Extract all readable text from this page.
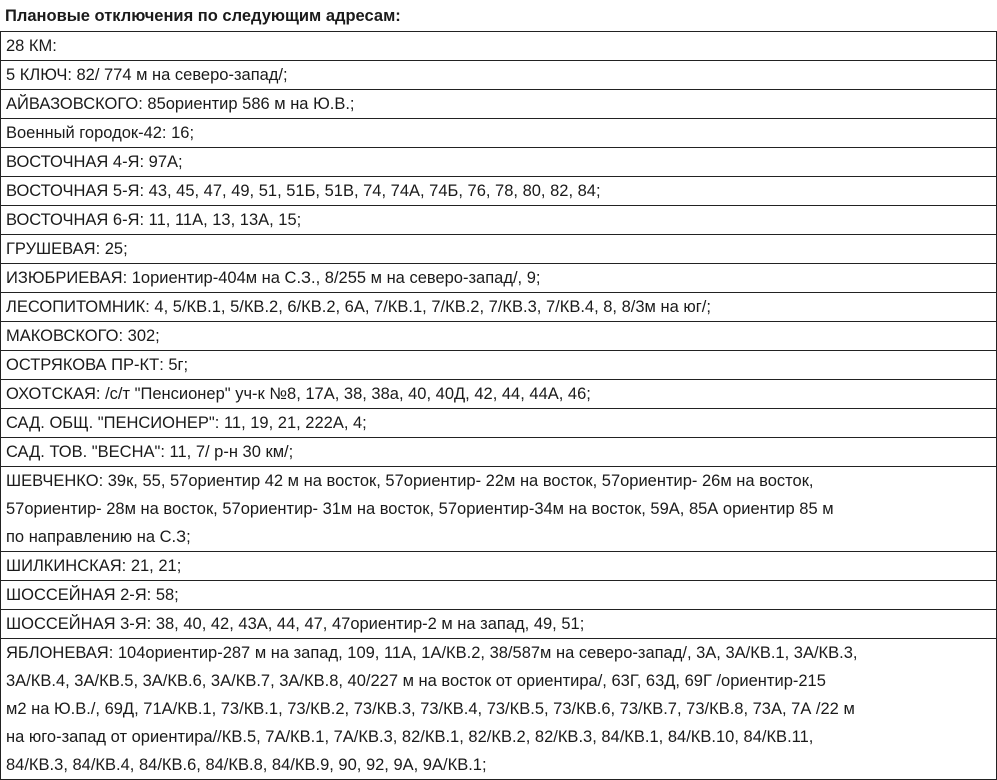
Плановые отключения по следующим адресам:
28 КМ:
5 КЛЮЧ: 82/ 774 м на северо-запад/;
АЙВАЗОВСКОГО: 85ориентир 586 м на Ю.В.;
Военный городок-42: 16;
ВОСТОЧНАЯ 4-Я: 97А;
ВОСТОЧНАЯ 5-Я: 43, 45, 47, 49, 51, 51Б, 51В, 74, 74А, 74Б, 76, 78, 80, 82, 84;
ВОСТОЧНАЯ 6-Я: 11, 11А, 13, 13А, 15;
ГРУШЕВАЯ: 25;
ИЗЮБРИЕВАЯ: 1ориентир-404м на С.З., 8/255 м на северо-запад/, 9;
ЛЕСОПИТОМНИК: 4, 5/КВ.1, 5/КВ.2, 6/КВ.2, 6А, 7/КВ.1, 7/КВ.2, 7/КВ.3, 7/КВ.4, 8, 8/3м на юг/;
МАКОВСКОГО: 302;
ОСТРЯКОВА ПР-КТ: 5г;
ОХОТСКАЯ: /с/т "Пенсионер" уч-к №8, 17А, 38, 38а, 40, 40Д, 42, 44, 44А, 46;
САД. ОБЩ. "ПЕНСИОНЕР": 11, 19, 21, 222А, 4;
САД. ТОВ. "ВЕСНА": 11, 7/ р-н 30 км/;
ШЕВЧЕНКО: 39к, 55, 57ориентир 42 м на восток, 57ориентир- 22м на восток, 57ориентир- 26м на восток,
57ориентир- 28м на восток, 57ориентир- 31м на восток, 57ориентир-34м на восток, 59А, 85А ориентир 85 м
по направлению на С.З;
ШИЛКИНСКАЯ: 21, 21;
ШОССЕЙНАЯ 2-Я: 58;
ШОССЕЙНАЯ 3-Я: 38, 40, 42, 43А, 44, 47, 47ориентир-2 м на запад, 49, 51;
ЯБЛОНЕВАЯ: 104ориентир-287 м на запад, 109, 11А, 1А/КВ.2, 38/587м на северо-запад/, 3А, 3А/КВ.1, 3А/КВ.3,
3А/КВ.4, 3А/КВ.5, 3А/КВ.6, 3А/КВ.7, 3А/КВ.8, 40/227 м на восток от ориентира/, 63Г, 63Д, 69Г /ориентир-215
м2 на Ю.В./, 69Д, 71А/КВ.1, 73/КВ.1, 73/КВ.2, 73/КВ.3, 73/КВ.4, 73/КВ.5, 73/КВ.6, 73/КВ.7, 73/КВ.8, 73А, 7А /22 м
на юго-запад от ориентира//КВ.5, 7А/КВ.1, 7А/КВ.3, 82/КВ.1, 82/КВ.2, 82/КВ.3, 84/КВ.1, 84/КВ.10, 84/КВ.11,
84/КВ.3, 84/КВ.4, 84/КВ.6, 84/КВ.8, 84/КВ.9, 90, 92, 9А, 9А/КВ.1;
